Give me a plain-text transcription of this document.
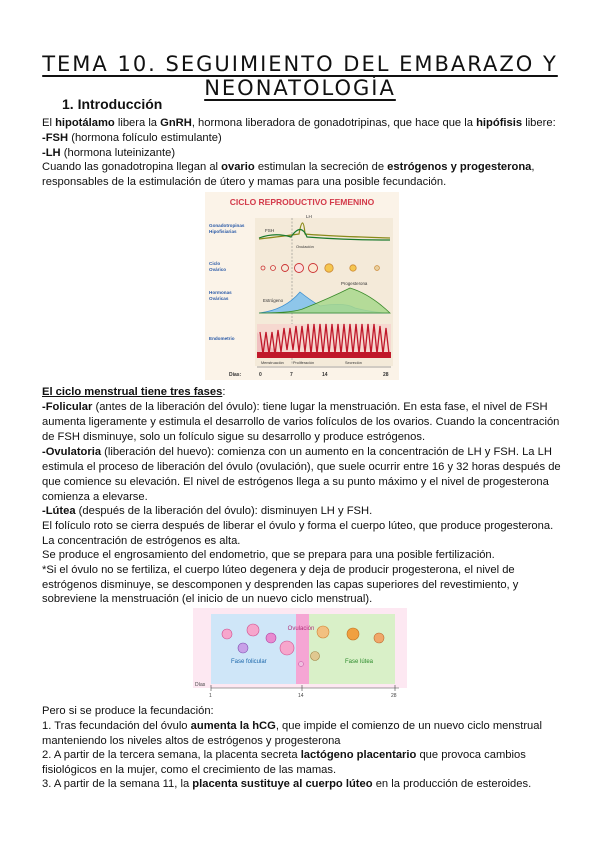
TEMA 10. SEGUIMIENTO DEL EMBARAZO Y NEONATOLOGÍA
1. Introducción
El hipotálamo libera la GnRH, hormona liberadora de gonadotripinas, que hace que la hipófisis libere:
-FSH (hormona folículo estimulante)
-LH (hormona luteinizante)
Cuando las gonadotropina llegan al ovario estimulan la secreción de estrógenos y progesterona,
responsables de la estimulación de útero y mamas para una posible fecundación.
CICLO REPRODUCTIVO FEMENINO
Gonadotropinas
Hipofisiarias
Ciclo
Ovárico
Hormonas
Ováricas
Endometrio
FSH
LH
Ovulación
Progesterona
Estrógeno
Menstruación Proliferación	Secreción
Días:	0	7	14	28
El ciclo menstrual tiene tres fases:
-Folicular (antes de la liberación del óvulo): tiene lugar la menstruación. En esta fase, el nivel de FSH
aumenta ligeramente y estimula el desarrollo de varios folículos de los ovarios. Cuando la concentración
de FSH disminuye, solo un folículo sigue su desarrollo y produce estrógenos.
-Ovulatoria (liberación del huevo): comienza con un aumento en la concentración de LH y FSH. La LH
estimula el proceso de liberación del óvulo (ovulación), que suele ocurrir entre 16 y 32 horas después de
que comience su elevación. El nivel de estrógenos llega a su punto máximo y el nivel de progesterona
comienza a elevarse.
-Lútea (después de la liberación del óvulo): disminuyen LH y FSH.
El folículo roto se cierra después de liberar el óvulo y forma el cuerpo lúteo, que produce progesterona.
La concentración de estrógenos es alta.
Se produce el engrosamiento del endometrio, que se prepara para una posible fertilización.
*Si el óvulo no se fertiliza, el cuerpo lúteo degenera y deja de producir progesterona, el nivel de
estrógenos disminuye, se descomponen y desprenden las capas superiores del revestimiento, y
sobreviene la menstruación (el inicio de un nuevo ciclo menstrual).
Ovulación
Fase folicular	Fase lútea
Días
1	14	28
Pero si se produce la fecundación:
1. Tras fecundación del óvulo aumenta la hCG, que impide el comienzo de un nuevo ciclo menstrual
manteniendo los niveles altos de estrógenos y progesterona
2. A partir de la tercera semana, la placenta secreta lactógeno placentario que provoca cambios
fisiológicos en la mujer, como el crecimiento de las mamas.
3. A partir de la semana 11, la placenta sustituye al cuerpo lúteo en la producción de esteroides.
